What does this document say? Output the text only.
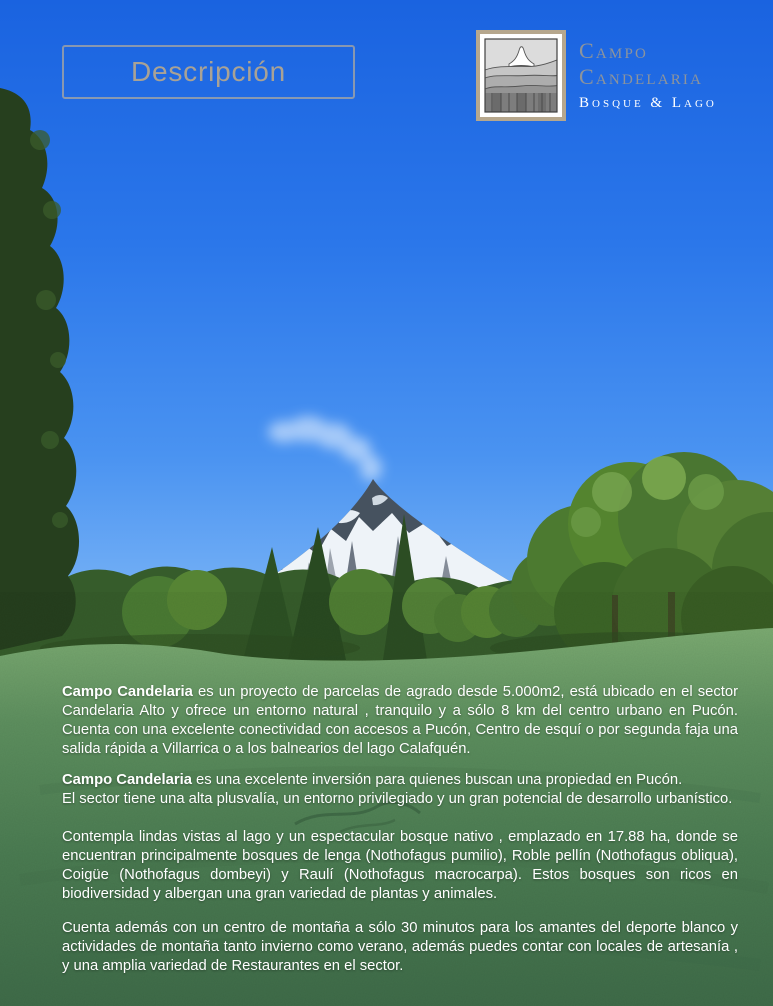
Descripción
Campo
Candelaria
Bosque & Lago

Campo Candelaria es un proyecto de parcelas de agrado desde 5.000m2, está ubicado en el sector Candelaria Alto y ofrece un entorno natural , tranquilo y a sólo 8 km del centro urbano en Pucón. Cuenta con una excelente conectividad con accesos a Pucón, Centro de esquí o por segunda faja una salida rápida a Villarrica o a los balnearios del lago Calafquén.

Campo Candelaria es una excelente inversión para quienes buscan una propiedad en Pucón.

El sector tiene una alta plusvalía, un entorno privilegiado y un gran potencial de desarrollo urbanístico.

Contempla lindas vistas al lago y un espectacular bosque nativo , emplazado en 17.88 ha, donde se encuentran principalmente bosques de lenga (Nothofagus pumilio), Roble pellín (Nothofagus obliqua), Coigüe (Nothofagus dombeyi) y Raulí (Nothofagus macrocarpa). Estos bosques son ricos en biodiversidad y albergan una gran variedad de plantas y animales.

Cuenta además con un centro de montaña a sólo 30 minutos para los amantes del deporte blanco y actividades de montaña tanto invierno como verano, además puedes contar con locales de artesanía , y una amplia variedad de Restaurantes en el sector.
